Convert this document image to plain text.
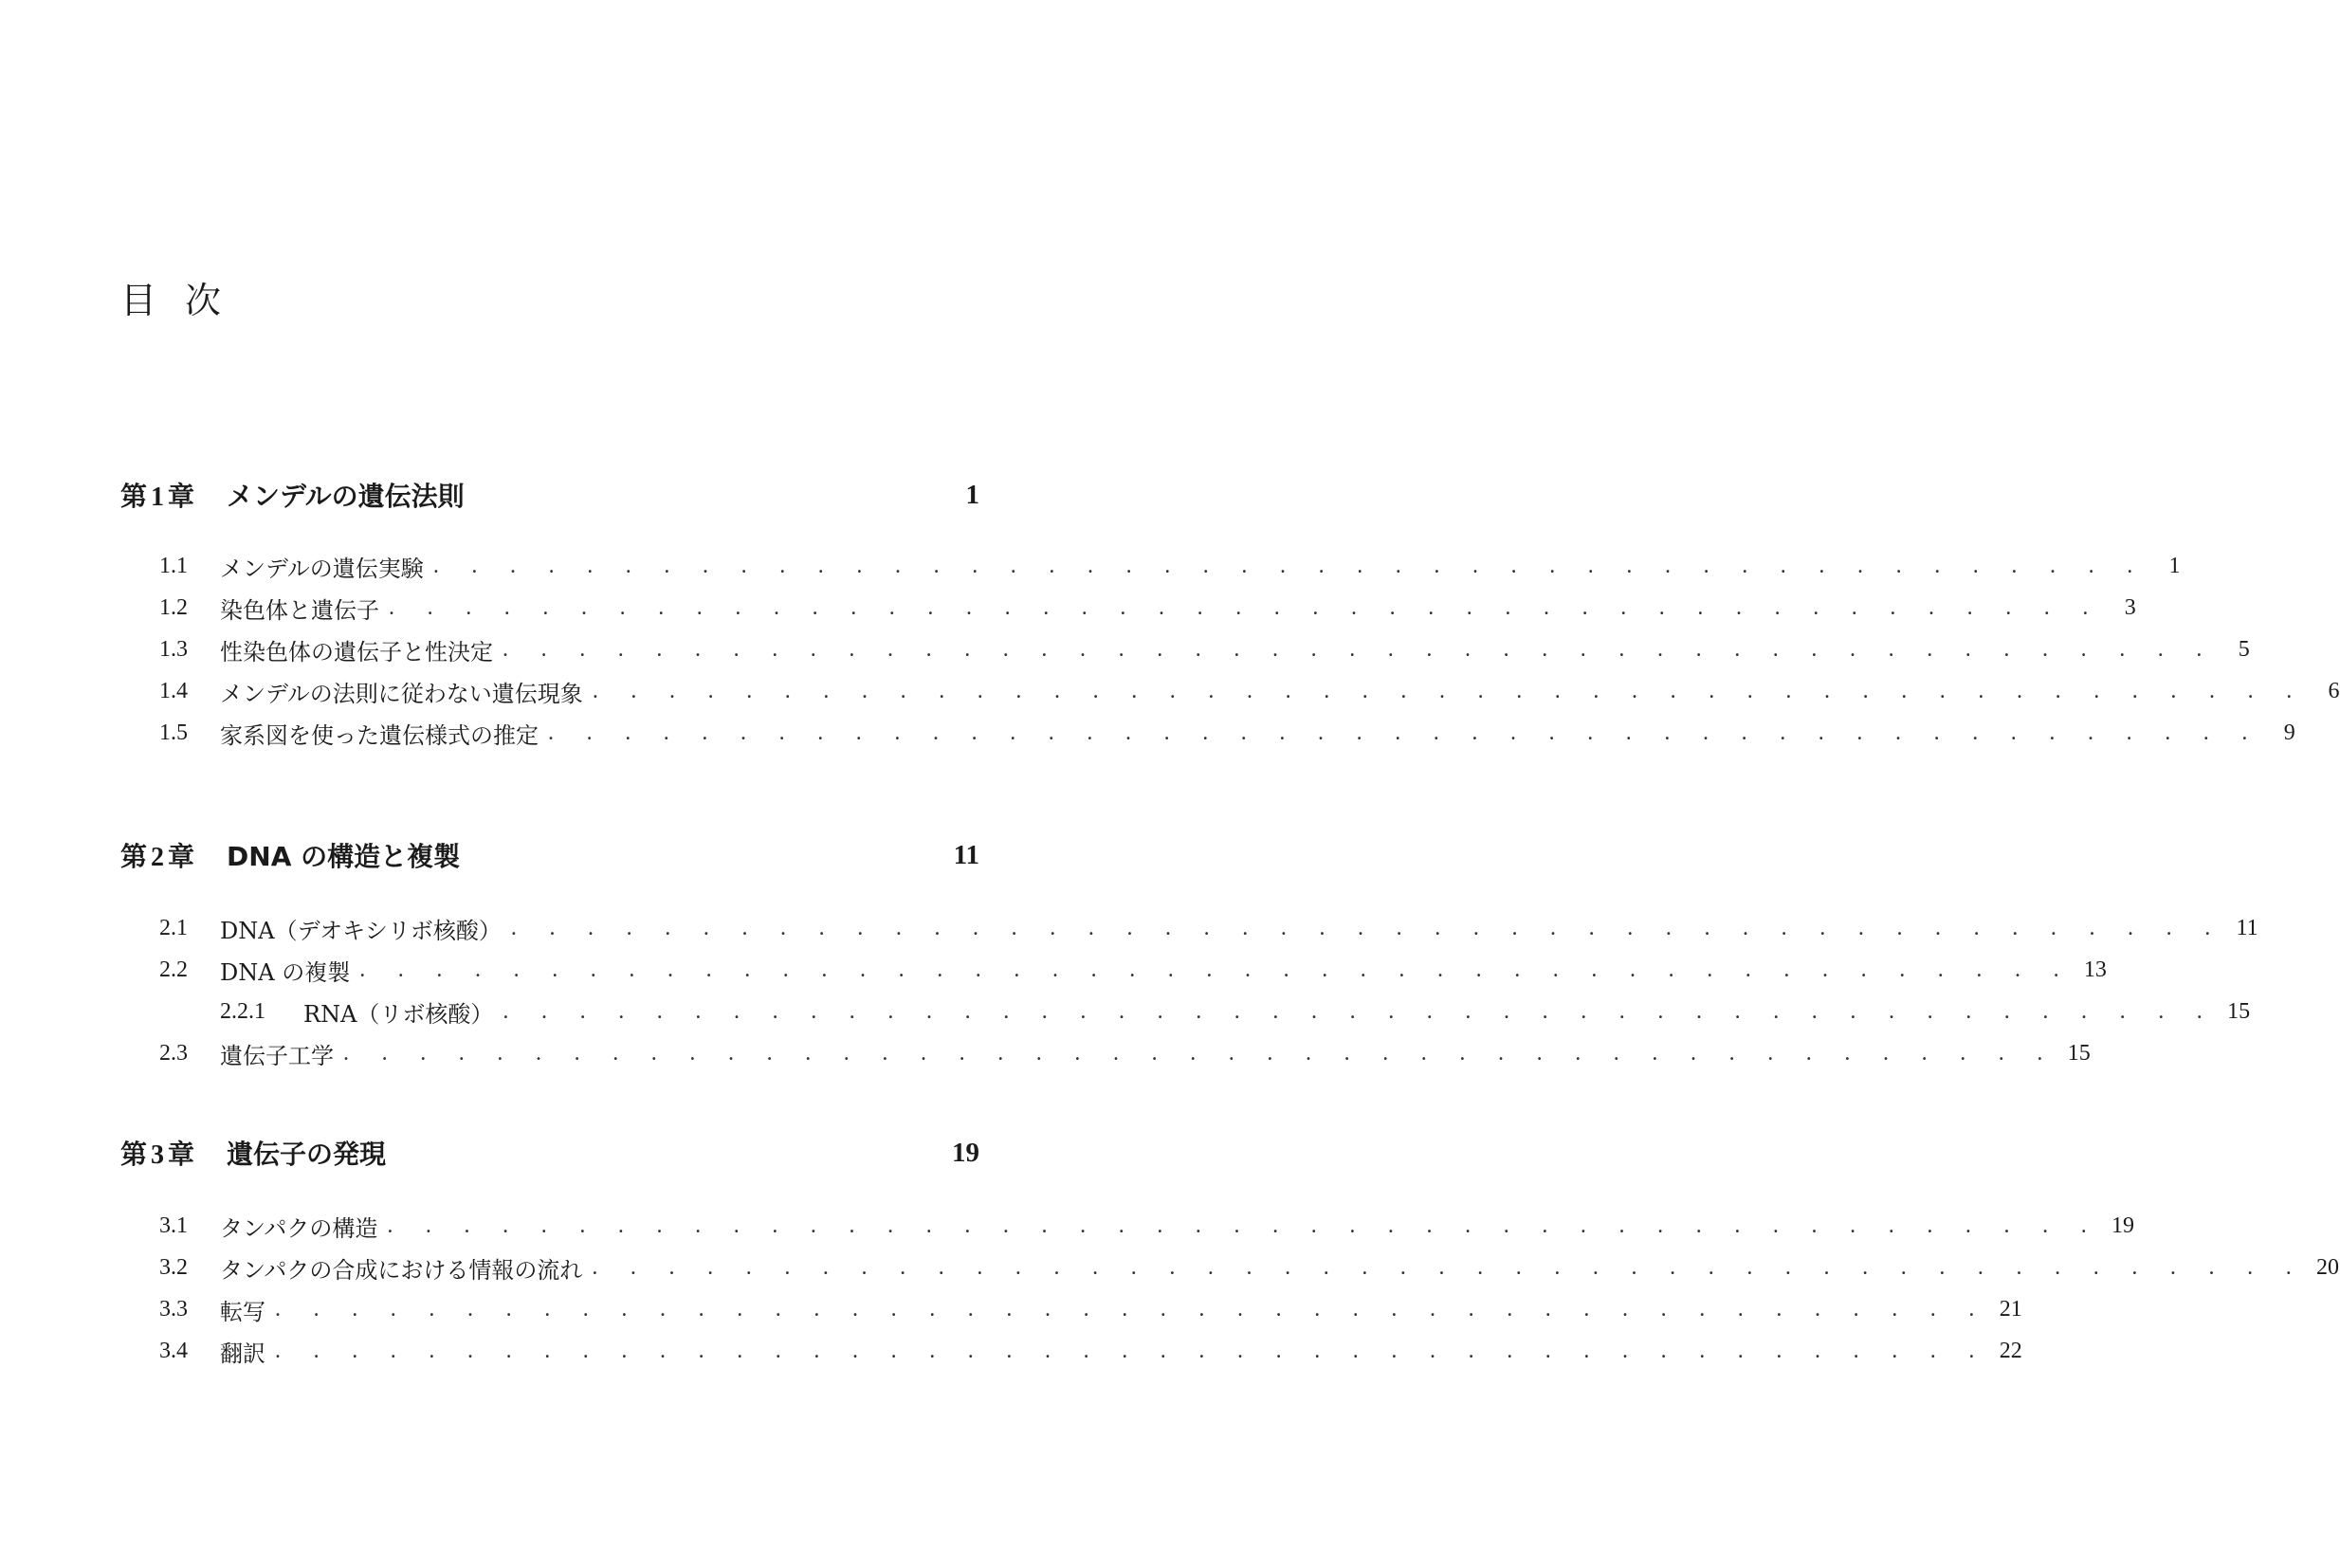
目次
第 1 章 メンデルの遺伝法則	1
1.1	メンデルの遺伝実験 . . . . . . . . . . . . . . . . . . . . . . . . . . . . . . . . . . . . . . . . . . . . .	1
1.2	染色体と遺伝子 . . . . . . . . . . . . . . . . . . . . . . . . . . . . . . . . . . . . . . . . . . . . .	3
1.3	性染色体の遺伝子と性決定 . . . . . . . . . . . . . . . . . . . . . . . . . . . . . . . . . . . . . . . . . . . . .	5
1.4	メンデルの法則に従わない遺伝現象 . . . . . . . . . . . . . . . . . . . . . . . . . . . . . . . . . . . . . . . . . . . . .	6
1.5	家系図を使った遺伝様式の推定 . . . . . . . . . . . . . . . . . . . . . . . . . . . . . . . . . . . . . . . . . . . . .	9
第 2 章 DNA の構造と複製	11
2.1	DNA（デオキシリボ核酸） . . . . . . . . . . . . . . . . . . . . . . . . . . . . . . . . . . . . . . . . . . . . . 11
2.2	DNA の複製 . . . . . . . . . . . . . . . . . . . . . . . . . . . . . . . . . . . . . . . . . . . . . 13
2.2.1	RNA（リボ核酸） . . . . . . . . . . . . . . . . . . . . . . . . . . . . . . . . . . . . . . . . . . . . . 15
2.3	遺伝子工学 . . . . . . . . . . . . . . . . . . . . . . . . . . . . . . . . . . . . . . . . . . . . . 15
第 3 章 遺伝子の発現	19
3.1	タンパクの構造 . . . . . . . . . . . . . . . . . . . . . . . . . . . . . . . . . . . . . . . . . . . . . 19
3.2	タンパクの合成における情報の流れ . . . . . . . . . . . . . . . . . . . . . . . . . . . . . . . . . . . . . . . . . . . . . 20
3.3	転写 . . . . . . . . . . . . . . . . . . . . . . . . . . . . . . . . . . . . . . . . . . . . . 21
3.4	翻訳 . . . . . . . . . . . . . . . . . . . . . . . . . . . . . . . . . . . . . . . . . . . . . 22
